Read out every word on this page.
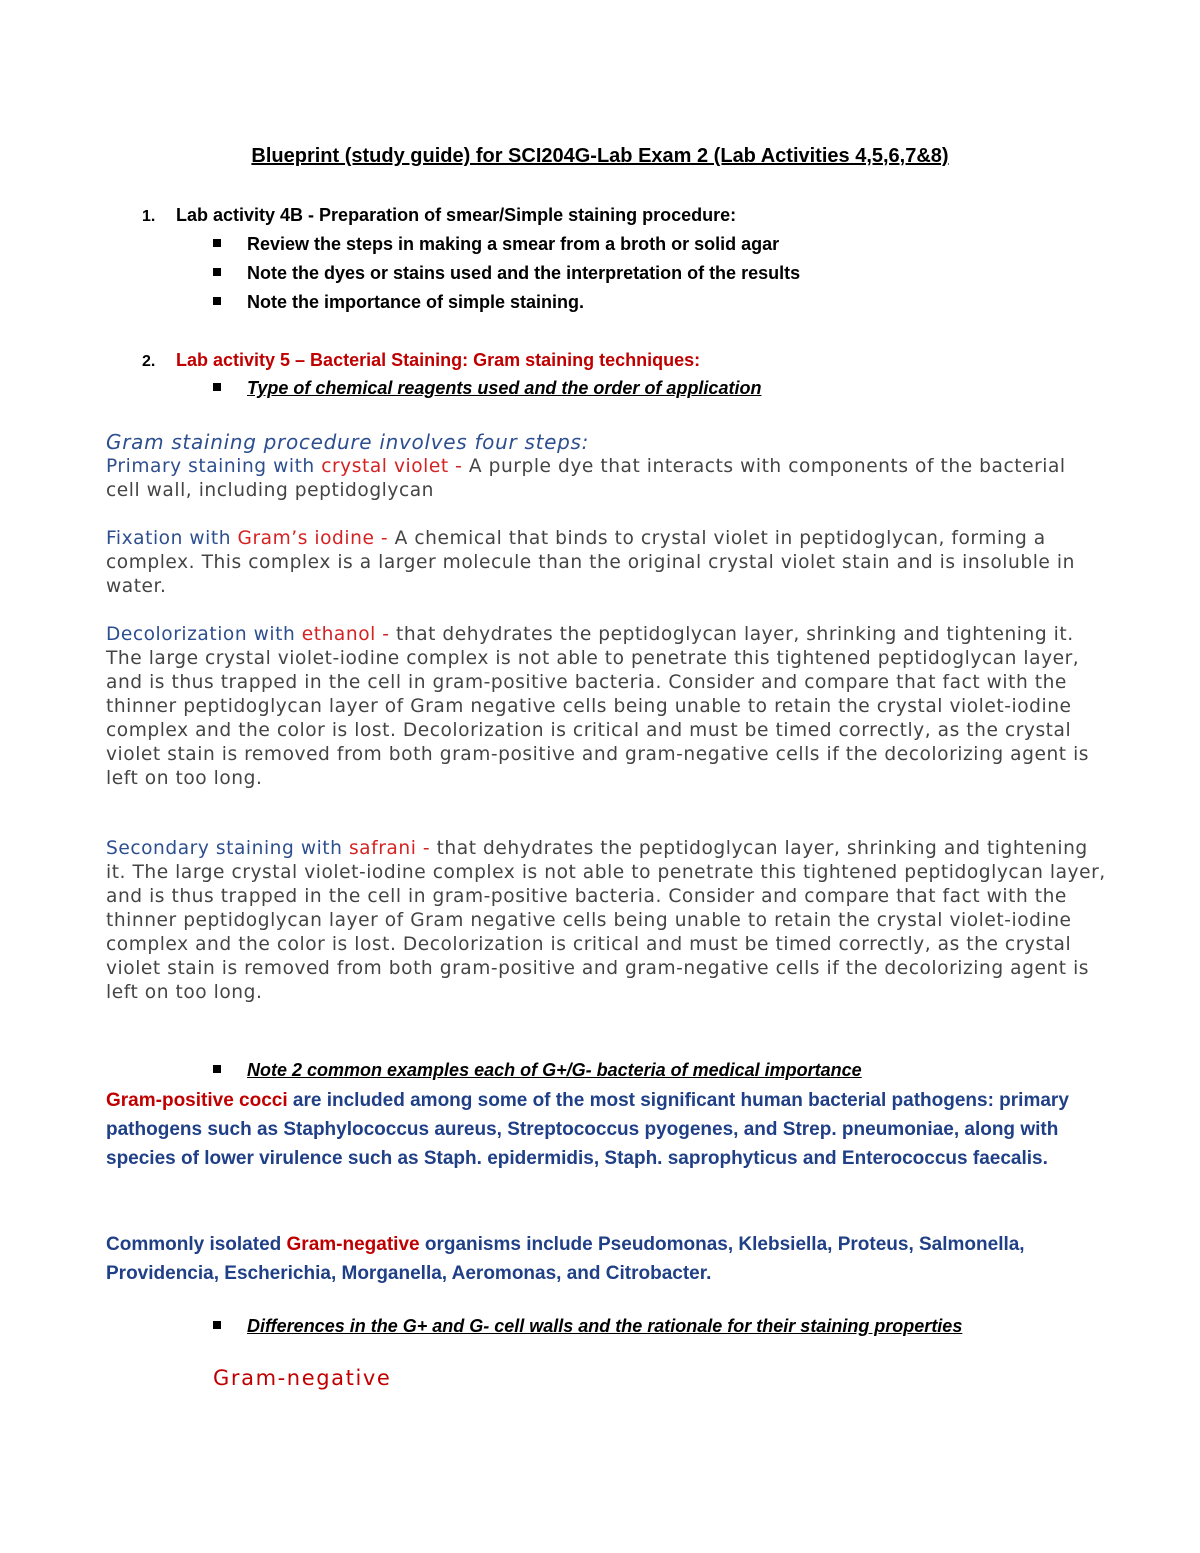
Blueprint (study guide) for SCI204G-Lab Exam 2 (Lab Activities 4,5,6,7&8)
1. Lab activity 4B - Preparation of smear/Simple staining procedure:
Review the steps in making a smear from a broth or solid agar
Note the dyes or stains used and the interpretation of the results
Note the importance of simple staining.
2. Lab activity 5 – Bacterial Staining: Gram staining techniques:
Type of chemical reagents used and the order of application
Gram staining procedure involves four steps:
Primary staining with crystal violet - A purple dye that interacts with components of the bacterial cell wall, including peptidoglycan
Fixation with Gram’s iodine - A chemical that binds to crystal violet in peptidoglycan, forming a complex. This complex is a larger molecule than the original crystal violet stain and is insoluble in water.
Decolorization with ethanol - that dehydrates the peptidoglycan layer, shrinking and tightening it. The large crystal violet-iodine complex is not able to penetrate this tightened peptidoglycan layer, and is thus trapped in the cell in gram-positive bacteria. Consider and compare that fact with the thinner peptidoglycan layer of Gram negative cells being unable to retain the crystal violet-iodine complex and the color is lost. Decolorization is critical and must be timed correctly, as the crystal violet stain is removed from both gram-positive and gram-negative cells if the decolorizing agent is left on too long.
Secondary staining with safrani - that dehydrates the peptidoglycan layer, shrinking and tightening it. The large crystal violet-iodine complex is not able to penetrate this tightened peptidoglycan layer, and is thus trapped in the cell in gram-positive bacteria. Consider and compare that fact with the thinner peptidoglycan layer of Gram negative cells being unable to retain the crystal violet-iodine complex and the color is lost. Decolorization is critical and must be timed correctly, as the crystal violet stain is removed from both gram-positive and gram-negative cells if the decolorizing agent is left on too long.
Note 2 common examples each of G+/G- bacteria of medical importance
Gram-positive cocci are included among some of the most significant human bacterial pathogens: primary pathogens such as Staphylococcus aureus, Streptococcus pyogenes, and Strep. pneumoniae, along with species of lower virulence such as Staph. epidermidis, Staph. saprophyticus and Enterococcus faecalis.
Commonly isolated Gram-negative organisms include Pseudomonas, Klebsiella, Proteus, Salmonella, Providencia, Escherichia, Morganella, Aeromonas, and Citrobacter.
Differences in the G+ and G- cell walls and the rationale for their staining properties
Gram-negative
